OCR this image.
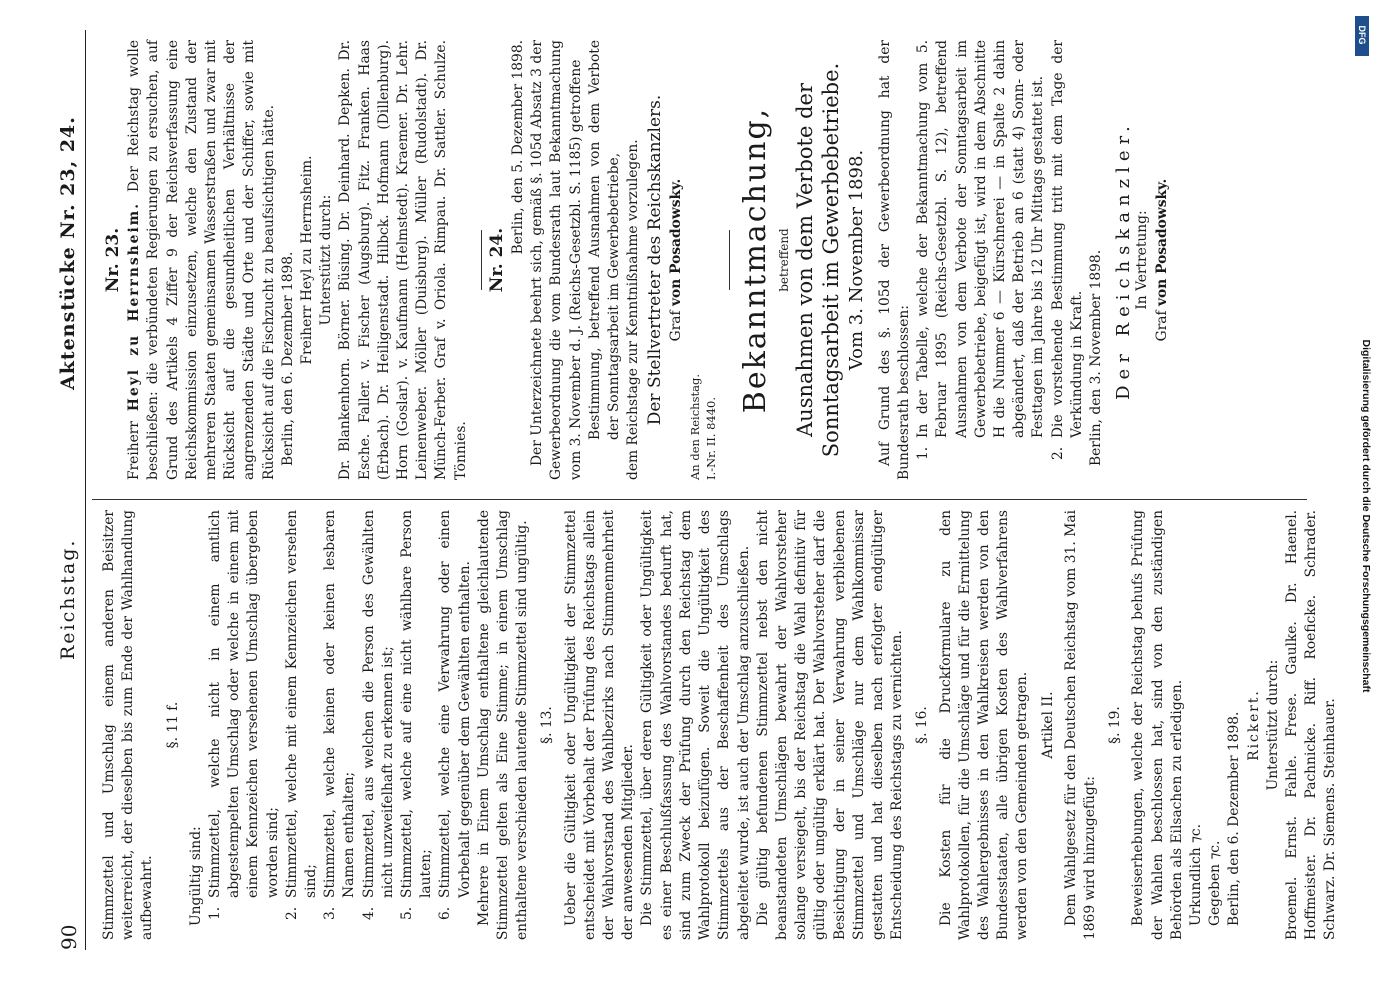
90
Reichstag.
Aktenstücke Nr. 23, 24.

Stimmzettel und Umschlag einem anderen Beisitzer weiterreicht, der dieselben bis zum Ende der Wahlhandlung aufbewahrt.

§. 11 f.

Ungültig sind: 1.Stimmzettel, welche nicht in einem amtlich abgestempelten Umschlag oder welche in einem mit einem Kennzeichen versehenen Umschlag übergeben worden sind;
2.Stimmzettel, welche mit einem Kennzeichen versehen sind;
3.Stimmzettel, welche keinen oder keinen lesbaren Namen enthalten;
4.Stimmzettel, aus welchen die Person des Gewählten nicht unzweifelhaft zu erkennen ist;
5.Stimmzettel, welche auf eine nicht wählbare Person lauten;
6.Stimmzettel, welche eine Verwahrung oder einen Vorbehalt gegenüber dem Gewählten enthalten. Mehrere in Einem Umschlag enthaltene gleichlautende Stimmzettel gelten als Eine Stimme; in einem Umschlag enthaltene verschieden lautende Stimmzettel sind ungültig. §. 13. Ueber die Gültigkeit oder Ungültigkeit der Stimmzettel entscheidet mit Vorbehalt der Prüfung des Reichstags allein der Wahlvorstand des Wahlbezirks nach Stimmenmehrheit der anwesenden Mitglieder. Die Stimmzettel, über deren Gültigkeit oder Ungültigkeit es einer Beschlußfassung des Wahlvorstandes bedurft hat, sind zum Zweck der Prüfung durch den Reichstag dem Wahlprotokoll beizufügen. Soweit die Ungültigkeit des Stimmzettels aus der Beschaffenheit des Umschlags abgeleitet wurde, ist auch der Umschlag anzuschließen. Die gültig befundenen Stimmzettel nebst den nicht beanstandeten Umschlägen bewahrt der Wahlvorsteher solange versiegelt, bis der Reichstag die Wahl definitiv für gültig oder ungültig erklärt hat. Der Wahlvorsteher darf die Besichtigung der in seiner Verwahrung verbliebenen Stimmzettel und Umschläge nur dem Wahlkommissar gestatten und hat dieselben nach erfolgter endgültiger Entscheidung des Reichstags zu vernichten. §. 16. Die Kosten für die Druckformulare zu den Wahlprotokollen, für die Umschläge und für die Ermittelung des Wahlergebnisses in den Wahlkreisen werden von den Bundesstaaten, alle übrigen Kosten des Wahlverfahrens werden von den Gemeinden getragen. Artikel II. Dem Wahlgesetz für den Deutschen Reichstag vom 31. Mai 1869 wird hinzugefügt:

§. 19. Beweiserhebungen, welche der Reichstag behufs Prüfung der Wahlen beschlossen hat, sind von den zuständigen Behörden als Eilsachen zu erledigen. Urkundlich ⁊c. Gegeben ⁊c. Berlin, den 6. Dezember 1898. Rickert. Unterstützt durch: Broemel. Ernst. Fahle. Frese. Gaulke. Dr. Haenel. Hoffmeister. Dr. Pachnicke. Riff. Roeficke. Schrader. Schwarz. Dr. Siemens. Steinhauer.

Nr. 23.

Freiherr Heyl zu Herrnsheim. Der Reichstag wolle beschließen: die verbündeten Regierungen zu ersuchen, auf Grund des Artikels 4 Ziffer 9 der Reichsverfassung eine Reichskommission einzusetzen, welche den Zustand der mehreren Staaten gemeinsamen Wasserstraßen und zwar mit Rücksicht auf die gesundheitlichen Verhältnisse der angrenzenden Städte und Orte und der Schiffer, sowie mit Rücksicht auf die Fischzucht zu beaufsichtigen hätte. Berlin, den 6. Dezember 1898. Freiherr Heyl zu Herrnsheim. Unterstützt durch: Dr. Blankenhorn. Börner. Büsing. Dr. Deinhard. Depken. Dr. Esche. Faller. v. Fischer (Augsburg). Fitz. Franken. Haas (Erbach). Dr. Heiligenstadt. Hilbck. Hofmann (Dillenburg). Horn (Goslar). v. Kaufmann (Helmstedt). Kraemer. Dr. Lehr. Leinenweber. Möller (Duisburg). Müller (Rudolstadt). Dr. Münch-Ferber. Graf v. Oriola. Rimpau. Dr. Sattler. Schulze. Tönnies.

Nr. 24.

Berlin, den 5. Dezember 1898. Der Unterzeichnete beehrt sich, gemäß §. 105d Absatz 3 der Gewerbeordnung die vom Bundesrath laut Bekanntmachung vom 3. November d. J. (Reichs-Gesetzbl. S. 1185) getroffene Bestimmung, betreffend Ausnahmen von dem Verbote der Sonntagsarbeit im Gewerbebetriebe, dem Reichstage zur Kenntnißnahme vorzulegen. Der Stellvertreter des Reichskanzlers. Graf von Posadowsky.

An den Reichstag. I.-Nr. II. 8440.

Bekanntmachung, betreffend Ausnahmen von dem Verbote der Sonntagsarbeit im Gewerbebetriebe. Vom 3. November 1898. Auf Grund des §. 105d der Gewerbeordnung hat der Bundesrath beschlossen: 1.In der Tabelle, welche der Bekanntmachung vom 5. Februar 1895 (Reichs-Gesetzbl. S. 12), betreffend Ausnahmen von dem Verbote der Sonntagsarbeit im Gewerbebetriebe, beigefügt ist, wird in dem Abschnitte H die Nummer 6 — Kürschnerei — in Spalte 2 dahin abgeändert, daß der Betrieb an 6 (statt 4) Sonn- oder Festtagen im Jahre bis 12 Uhr Mittags gestattet ist.
2.Die vorstehende Bestimmung tritt mit dem Tage der Verkündung in Kraft. Berlin, den 3. November 1898. Der Reichskanzler. In Vertretung:

Graf von Posadowsky.

DFG
Digitalisierung gefördert durch die Deutsche Forschungsgemeinschaft
